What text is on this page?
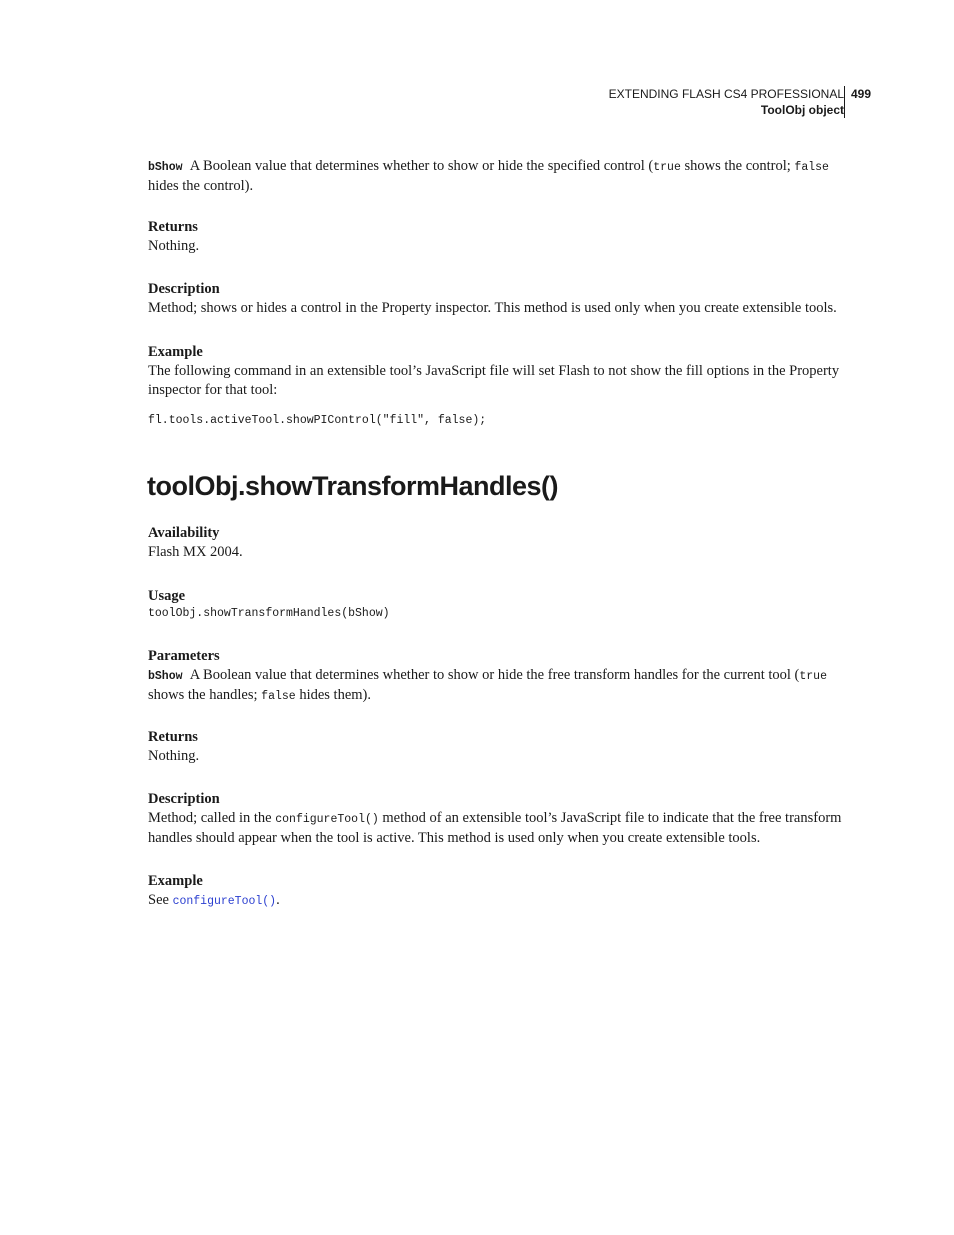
EXTENDING FLASH CS4 PROFESSIONAL
ToolObj object
499

bShow A Boolean value that determines whether to show or hide the specified control (true shows the control; false hides the control).

Returns

Nothing.

Description

Method; shows or hides a control in the Property inspector. This method is used only when you create extensible tools.

Example

The following command in an extensible tool’s JavaScript file will set Flash to not show the fill options in the Property inspector for that tool:

fl.tools.activeTool.showPIControl("fill", false);
toolObj.showTransformHandles()
Availability

Flash MX 2004.

Usage
toolObj.showTransformHandles(bShow)
Parameters

bShow A Boolean value that determines whether to show or hide the free transform handles for the current tool (true shows the handles; false hides them).

Returns

Nothing.

Description

Method; called in the configureTool() method of an extensible tool’s JavaScript file to indicate that the free transform handles should appear when the tool is active. This method is used only when you create extensible tools.

Example

See configureTool().
